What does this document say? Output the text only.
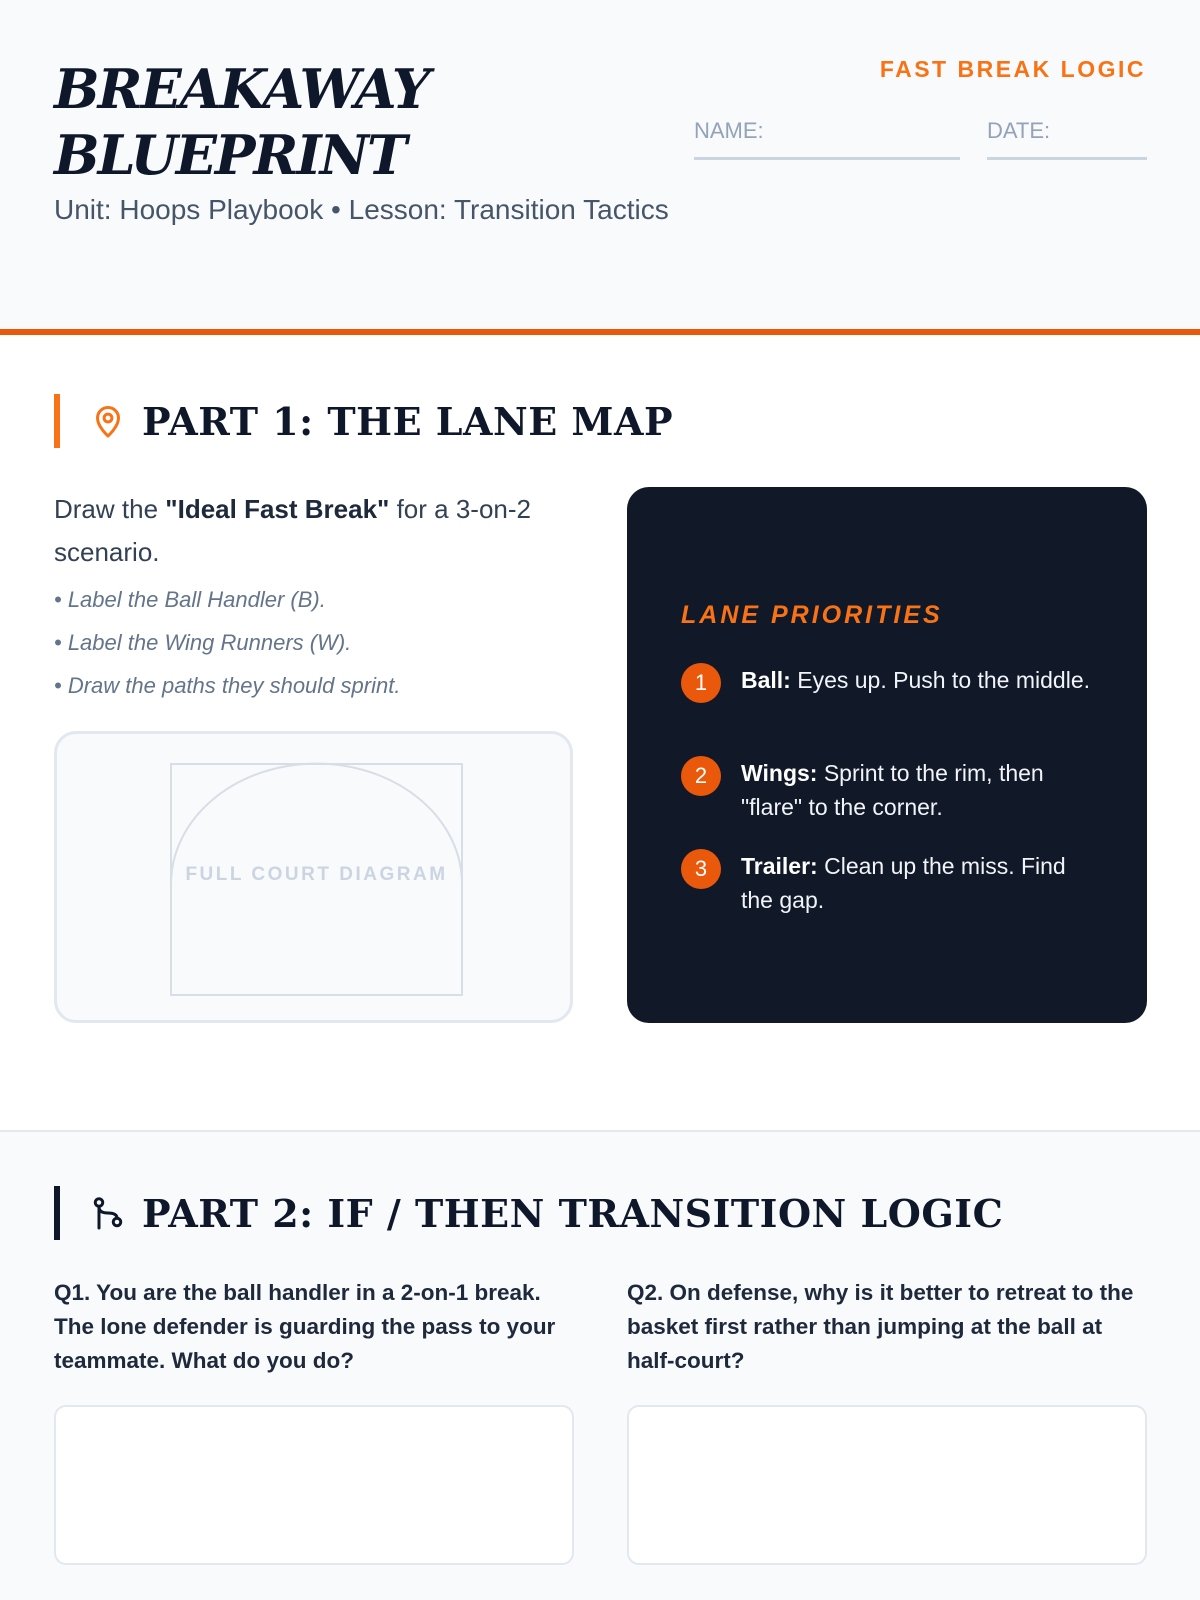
BREAKAWAY
BLUEPRINT
Unit: Hoops Playbook • Lesson: Transition Tactics
FAST BREAK LOGIC
NAME:	DATE:
PART 1: THE LANE MAP

Draw the "Ideal Fast Break" for a 3-on-2 scenario.

• Label the Ball Handler (B).
• Label the Wing Runners (W).
• Draw the paths they should sprint.
FULL COURT DIAGRAM
LANE PRIORITIES
1	Ball: Eyes up. Push to the middle.
2	Wings: Sprint to the rim, then "flare" to the corner.
3	Trailer: Clean up the miss. Find the gap.
PART 2: IF / THEN TRANSITION LOGIC

Q1. You are the ball handler in a 2-on-1 break. The lone defender is guarding the pass to your teammate. What do you do?

Q2. On defense, why is it better to retreat to the basket first rather than jumping at the ball at half-court?
